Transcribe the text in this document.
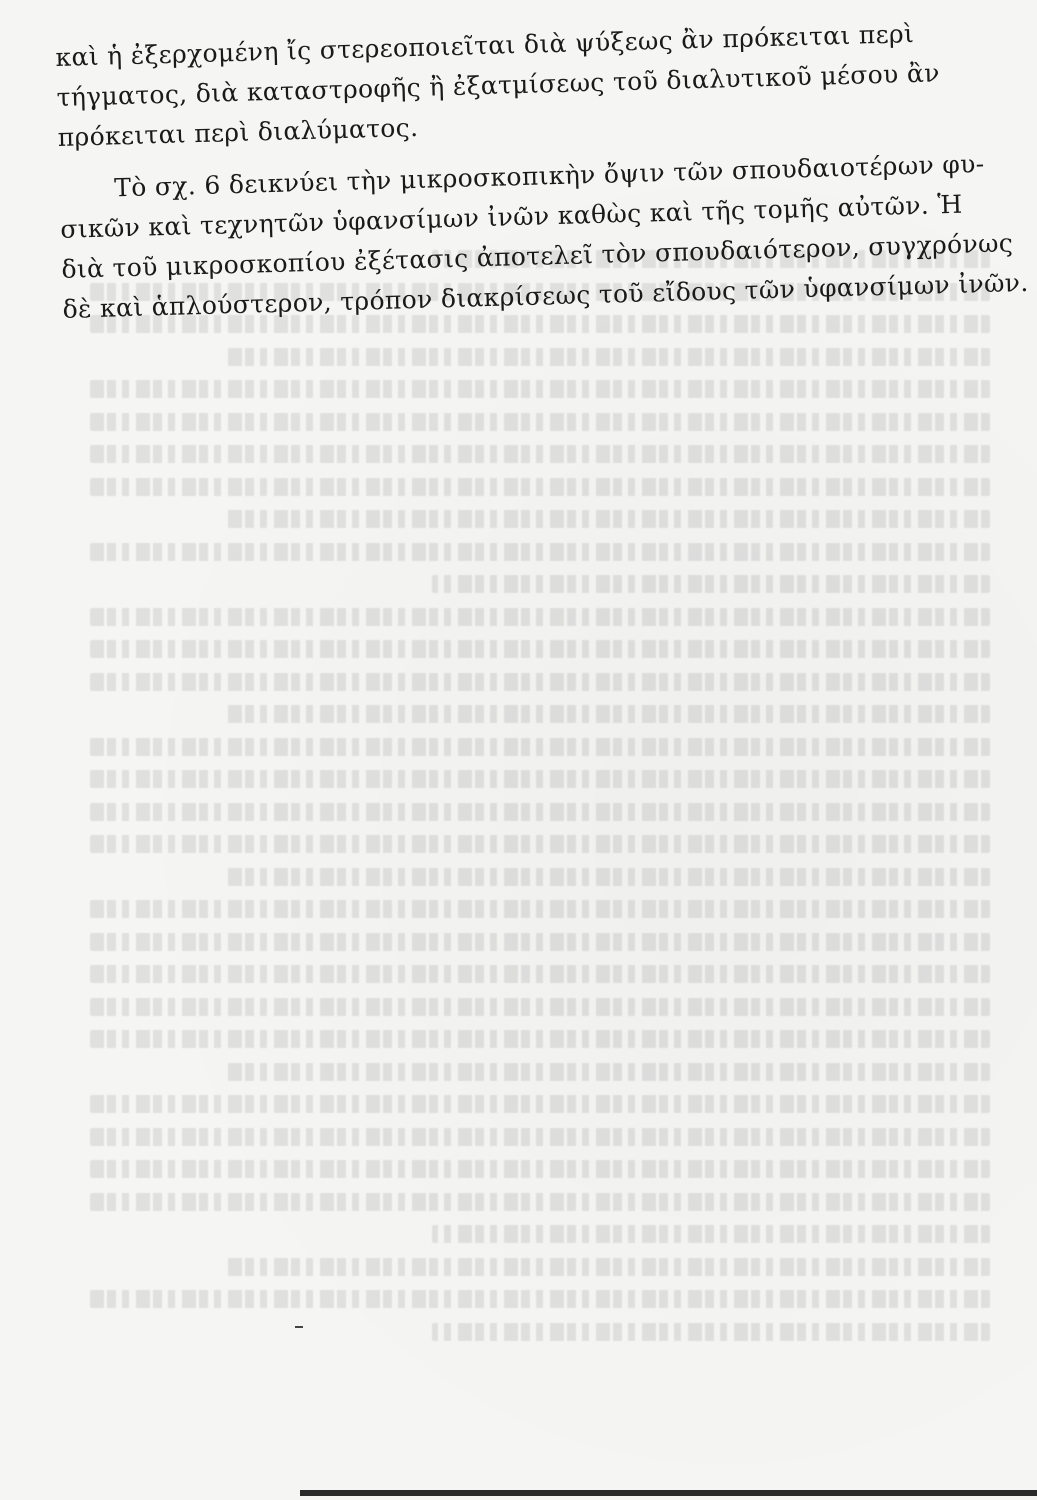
καὶ ἡ ἐξερχομένη ἴς στερεοποιεῖται διὰ ψύξεως ἂν πρόκειται περὶ
τήγματος, διὰ καταστροφῆς ἢ ἐξατμίσεως τοῦ διαλυτικοῦ μέσου ἂν
πρόκειται περὶ διαλύματος.
Τὸ σχ. 6 δεικνύει τὴν μικροσκοπικὴν ὄψιν τῶν σπουδαιοτέρων φυ-
σικῶν καὶ τεχνητῶν ὑφανσίμων ἰνῶν καθὼς καὶ τῆς τομῆς αὐτῶν. Ἡ
διὰ τοῦ μικροσκοπίου ἐξέτασις ἀποτελεῖ τὸν σπουδαιότερον, συγχρόνως
δὲ καὶ ἁπλούστερον, τρόπον διακρίσεως τοῦ εἴδους τῶν ὑφανσίμων ἰνῶν.
